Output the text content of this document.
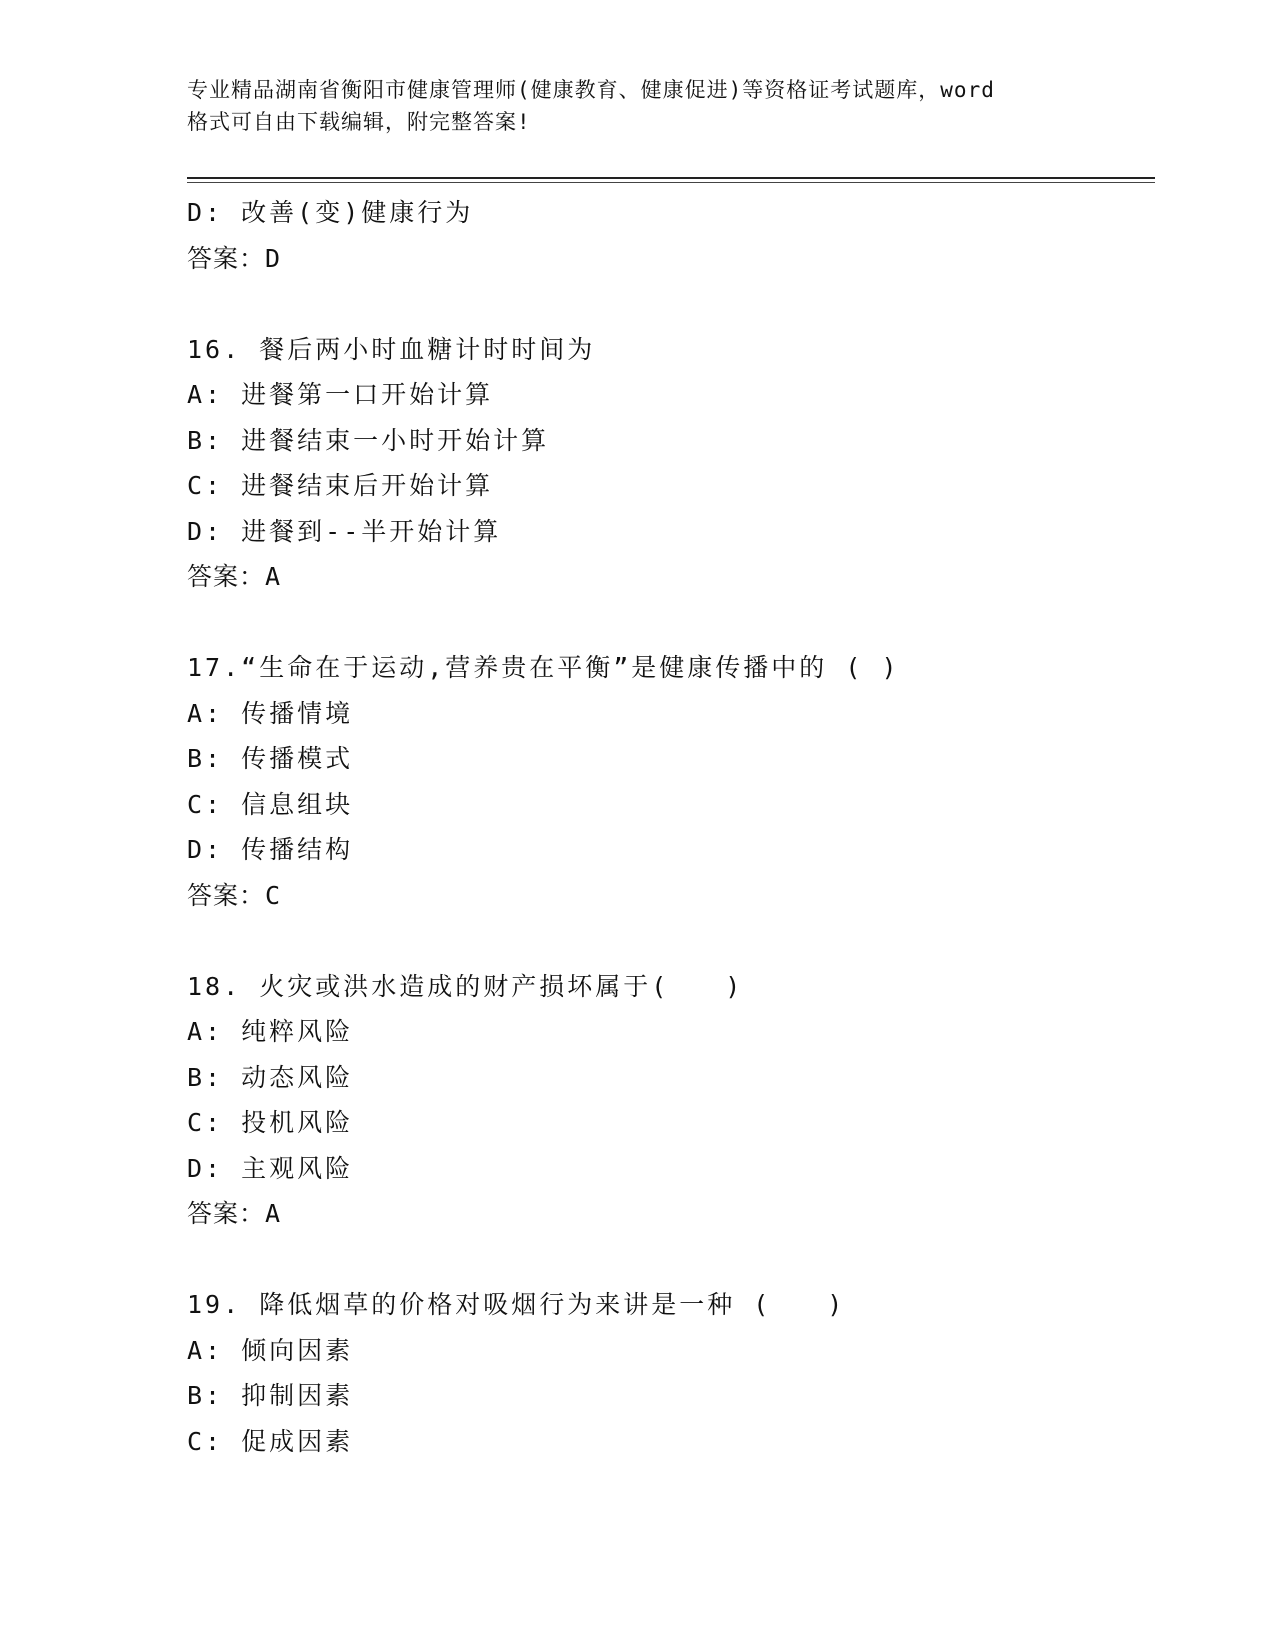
专业精品湖南省衡阳市健康管理师(健康教育、健康促进)等资格证考试题库，word
格式可自由下载编辑，附完整答案!
D: 改善(变)健康行为
答案：D
16. 餐后两小时血糖计时时间为
A: 进餐第一口开始计算
B: 进餐结束一小时开始计算
C: 进餐结束后开始计算
D: 进餐到--半开始计算
答案：A
17.“生命在于运动,营养贵在平衡”是健康传播中的 ( )
A: 传播情境
B: 传播模式
C: 信息组块
D: 传播结构
答案：C
18. 火灾或洪水造成的财产损坏属于(　　)
A: 纯粹风险
B: 动态风险
C: 投机风险
D: 主观风险
答案：A
19. 降低烟草的价格对吸烟行为来讲是一种 (　　)
A: 倾向因素
B: 抑制因素
C: 促成因素
